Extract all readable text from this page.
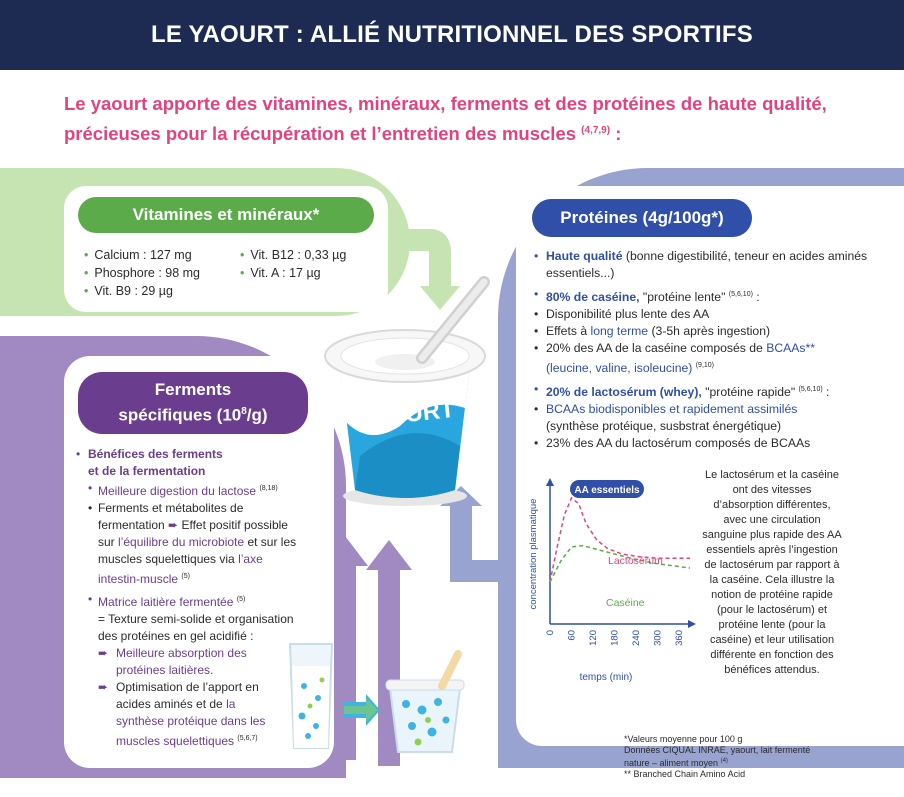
LE YAOURT : ALLIÉ NUTRITIONNEL DES SPORTIFS

Le yaourt apporte des vitamines, minéraux, ferments et des protéines de haute qualité, précieuses pour la récupération et l’entretien des muscles $^{(4,7,9)}$ :

Vitamines et minéraux*
• Calcium : 127 mg
• Phosphore : 98 mg
• Vit. B9 : 29 µg
• Vit. B12 : 0,33 µg
• Vit. A : 17 µg
Ferments
spécifiques $(10^8/g)$
• Bénéfices des ferments
et de la fermentation
• Meilleure digestion du lactose $^{(8,18)}$
• Ferments et métabolites de fermentation ➨ Effet positif possible sur l’équilibre du microbiote et sur les muscles squelettiques via l’axe intestin-muscle $^{(5)}$
• Matrice laitière fermentée $^{(5)}$
= Texture semi-solide et organisation des protéines en gel acidifié :
➨ Meilleure absorption des protéines laitières.
➨ Optimisation de l’apport en acides aminés et de la synthèse protéique dans les muscles squelettiques $^{(5,6,7)}$
YAOURT
Protéines (4g/100g*)
• Haute qualité (bonne digestibilité, teneur en acides aminés essentiels...)
• 80% de caséine, "protéine lente" $^{(5,6,10)}$ :
• Disponibilité plus lente des AA
• Effets à long terme (3-5h après ingestion)
• 20% des AA de la caséine composés de BCAAs**
(leucine, valine, isoleucine) $^{(9,10)}$
• 20% de lactosérum (whey), "protéine rapide" $^{(5,6,10)}$ :
• BCAAs biodisponibles et rapidement assimilés
(synthèse protéique, susbstrat énergétique)
• 23% des AA du lactosérum composés de BCAAs
AA essentiels
0 60 120 180 240 300 360
temps (min)
concentration plasmatique	Lactosérum
Caséine
Le lactosérum et la caséine ont des vitesses d’absorption différentes, avec une circulation sanguine plus rapide des AA essentiels après l’ingestion de lactosérum par rapport à la caséine. Cela illustre la notion de protéine rapide (pour le lactosérum) et protéine lente (pour la caséine) et leur utilisation différente en fonction des bénéfices attendus.
*Valeurs moyenne pour 100 g
Données CIQUAL INRAE, yaourt, lait fermenté
nature – aliment moyen $^{(4)}$
** Branched Chain Amino Acid
